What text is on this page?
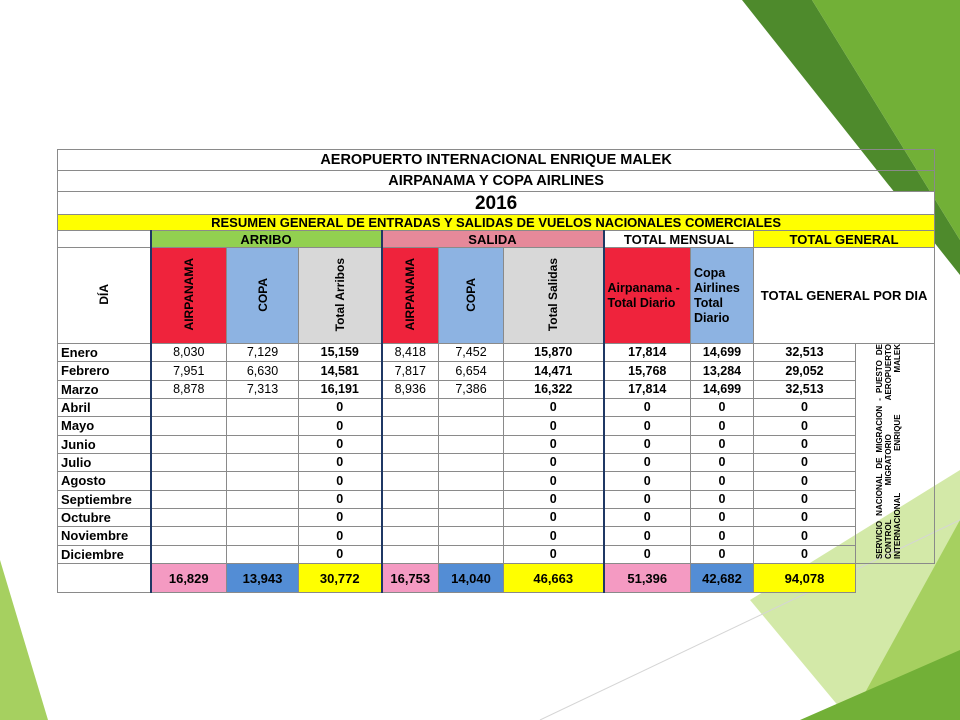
AEROPUERTO INTERNACIONAL ENRIQUE MALEK										
AIRPANAMA Y COPA AIRLINES										
2016										
RESUMEN GENERAL DE ENTRADAS Y SALIDAS DE VUELOS NACIONALES COMERCIALES										
	ARRIBO			SALIDA			TOTAL MENSUAL		TOTAL GENERAL	
DÍA	AIRPANAMA	COPA	Total Arribos	AIRPANAMA	COPA	Total Salidas	Airpanama - Total Diario	Copa Airlines Total Diario	TOTAL GENERAL POR DIA	
Enero	8,030	7,129	15,159	8,418	7,452	15,870	17,814	14,699	32,513	SERVICIO NACIONAL DE MIGRACION - PUESTO DE CONTROL MIGRATORIO AEROPUERTO INTERNACIONAL ENRIQUE MALEK
Febrero	7,951	6,630	14,581	7,817	6,654	14,471	15,768	13,284	29,052	
Marzo	8,878	7,313	16,191	8,936	7,386	16,322	17,814	14,699	32,513	
Abril			0			0	0	0	0	
Mayo			0			0	0	0	0	
Junio			0			0	0	0	0	
Julio			0			0	0	0	0	
Agosto			0			0	0	0	0	
Septiembre			0			0	0	0	0	
Octubre			0			0	0	0	0	
Noviembre			0			0	0	0	0	
Diciembre			0			0	0	0	0	
	16,829	13,943	30,772	16,753	14,040	46,663	51,396	42,682	94,078	
